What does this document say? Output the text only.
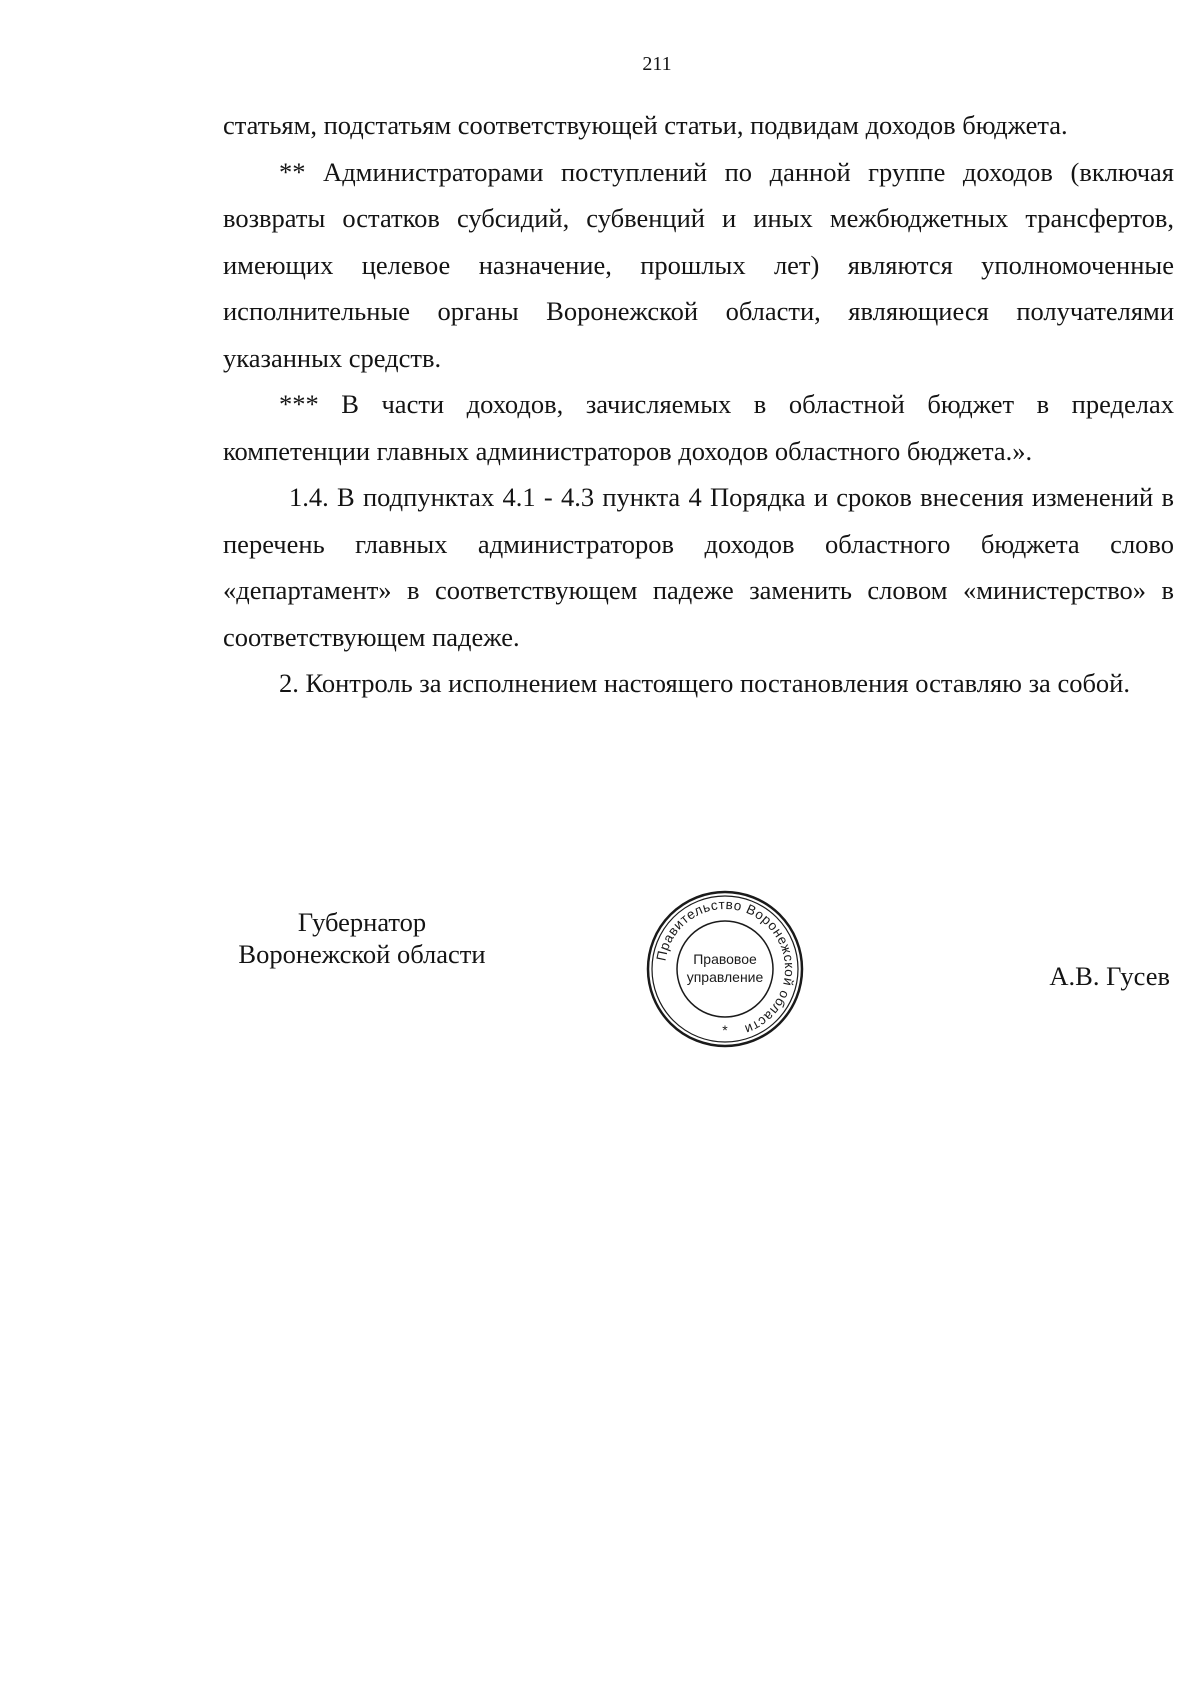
211

статьям, подстатьям соответствующей статьи, подвидам доходов бюджета.

** Администраторами поступлений по данной группе доходов (включая возвраты остатков субсидий, субвенций и иных межбюджетных трансфертов, имеющих целевое назначение, прошлых лет) являются уполномоченные исполнительные органы Воронежской области, являющиеся получателями указанных средств.

*** В части доходов, зачисляемых в областной бюджет в пределах компетенции главных администраторов доходов областного бюджета.».

1.4. В подпунктах 4.1 - 4.3 пункта 4 Порядка и сроков внесения изменений в перечень главных администраторов доходов областного бюджета слово «департамент» в соответствующем падеже заменить словом «министерство» в соответствующем падеже.

2. Контроль за исполнением настоящего постановления оставляю за собой.

Губернатор
Воронежской области	Правительство Воронежской области
Правовое
управление
*
А.В. Гусев
